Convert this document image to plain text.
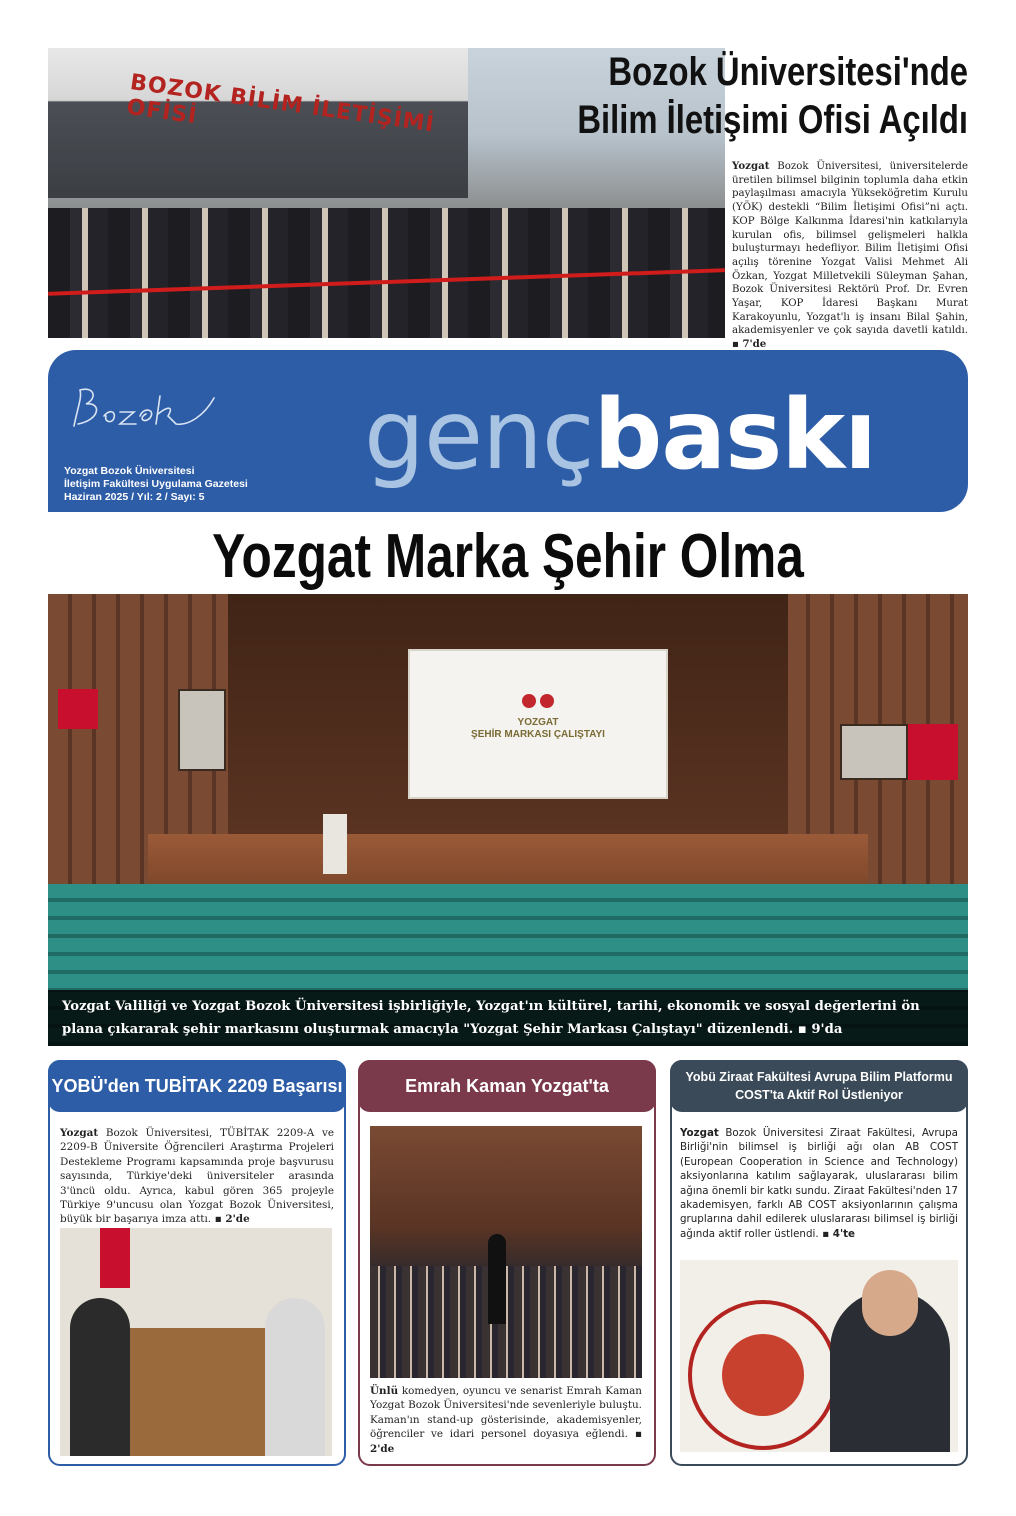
BOZOK BİLİM İLETİŞİMİ OFİSİ
Bozok Üniversitesi'nde Bilim İletişimi Ofisi Açıldı

Yozgat Bozok Üniversitesi, üniversitelerde üretilen bilimsel bilginin toplumla daha etkin paylaşılması amacıyla Yükseköğretim Kurulu (YÖK) destekli “Bilim İletişimi Ofisi”ni açtı. KOP Bölge Kalkınma İdaresi'nin katkılarıyla kurulan ofis, bilimsel gelişmeleri halkla buluşturmayı hedefliyor. Bilim İletişimi Ofisi açılış törenine Yozgat Valisi Mehmet Ali Özkan, Yozgat Milletvekili Süleyman Şahan, Bozok Üniversitesi Rektörü Prof. Dr. Evren Yaşar, KOP İdaresi Başkanı Murat Karakoyunlu, Yozgat'lı iş insanı Bilal Şahin, akademisyenler ve çok sayıda davetli katıldı. ▪ 7'de

Yozgat Bozok Üniversitesi
İletişim Fakültesi Uygulama Gazetesi
Haziran 2025 / Yıl: 2 / Sayı: 5
gençbaskı
Yozgat Marka Şehir Olma
YOZGAT
ŞEHİR MARKASI ÇALIŞTAYI

Yozgat Valiliği ve Yozgat Bozok Üniversitesi işbirliğiyle, Yozgat'ın kültürel, tarihi, ekonomik ve sosyal değerlerini ön plana çıkararak şehir markasını oluşturmak amacıyla "Yozgat Şehir Markası Çalıştayı" düzenlendi. ▪ 9'da

YOBÜ'den TUBİTAK 2209 Başarısı

Yozgat Bozok Üniversitesi, TÜBİTAK 2209-A ve 2209-B Üniversite Öğrencileri Araştırma Projeleri Destekleme Programı kapsamında proje başvurusu sayısında, Türkiye'deki üniversiteler arasında 3'üncü oldu. Ayrıca, kabul gören 365 projeyle Türkiye 9'uncusu olan Yozgat Bozok Üniversitesi, büyük bir başarıya imza attı. ▪ 2'de

Emrah Kaman Yozgat'ta

Ünlü komedyen, oyuncu ve senarist Emrah Kaman Yozgat Bozok Üniversitesi'nde sevenleriyle buluştu. Kaman'ın stand-up gösterisinde, akademisyenler, öğrenciler ve idari personel doyasıya eğlendi. ▪ 2'de

Yobü Ziraat Fakültesi Avrupa Bilim Platformu COST'ta Aktif Rol Üstleniyor

Yozgat Bozok Üniversitesi Ziraat Fakültesi, Avrupa Birliği'nin bilimsel iş birliği ağı olan AB COST (European Cooperation in Science and Technology) aksiyonlarına katılım sağlayarak, uluslararası bilim ağına önemli bir katkı sundu. Ziraat Fakültesi'nden 17 akademisyen, farklı AB COST aksiyonlarının çalışma gruplarına dahil edilerek uluslararası bilimsel iş birliği ağında aktif roller üstlendi. ▪ 4'te
